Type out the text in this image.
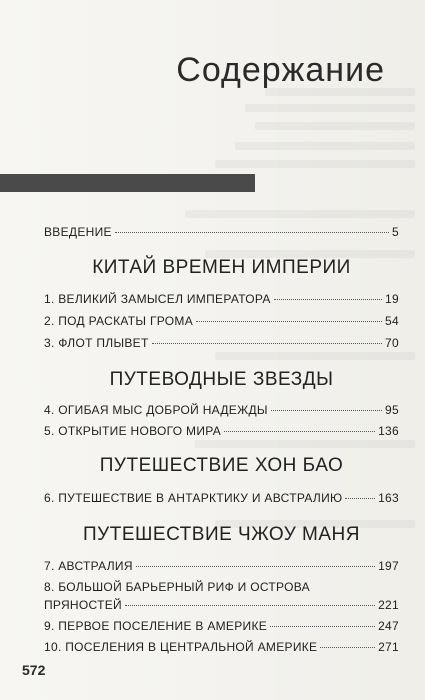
Содержание
ВВЕДЕНИЕ	5
КИТАЙ ВРЕМЕН ИМПЕРИИ
1. ВЕЛИКИЙ ЗАМЫСЕЛ ИМПЕРАТОРА	19
2. ПОД РАСКАТЫ ГРОМА	54
3. ФЛОТ ПЛЫВЕТ	70
ПУТЕВОДНЫЕ ЗВЕЗДЫ
4. ОГИБАЯ МЫС ДОБРОЙ НАДЕЖДЫ	95
5. ОТКРЫТИЕ НОВОГО МИРА	136
ПУТЕШЕСТВИЕ ХОН БАО
6. ПУТЕШЕСТВИЕ В АНТАРКТИКУ И АВСТРАЛИЮ	163
ПУТЕШЕСТВИЕ ЧЖОУ МАНЯ
7. АВСТРАЛИЯ	197
8. БОЛЬШОЙ БАРЬЕРНЫЙ РИФ И ОСТРОВА
ПРЯНОСТЕЙ	221
9. ПЕРВОЕ ПОСЕЛЕНИЕ В АМЕРИКЕ	247
10. ПОСЕЛЕНИЯ В ЦЕНТРАЛЬНОЙ АМЕРИКЕ	271
572
